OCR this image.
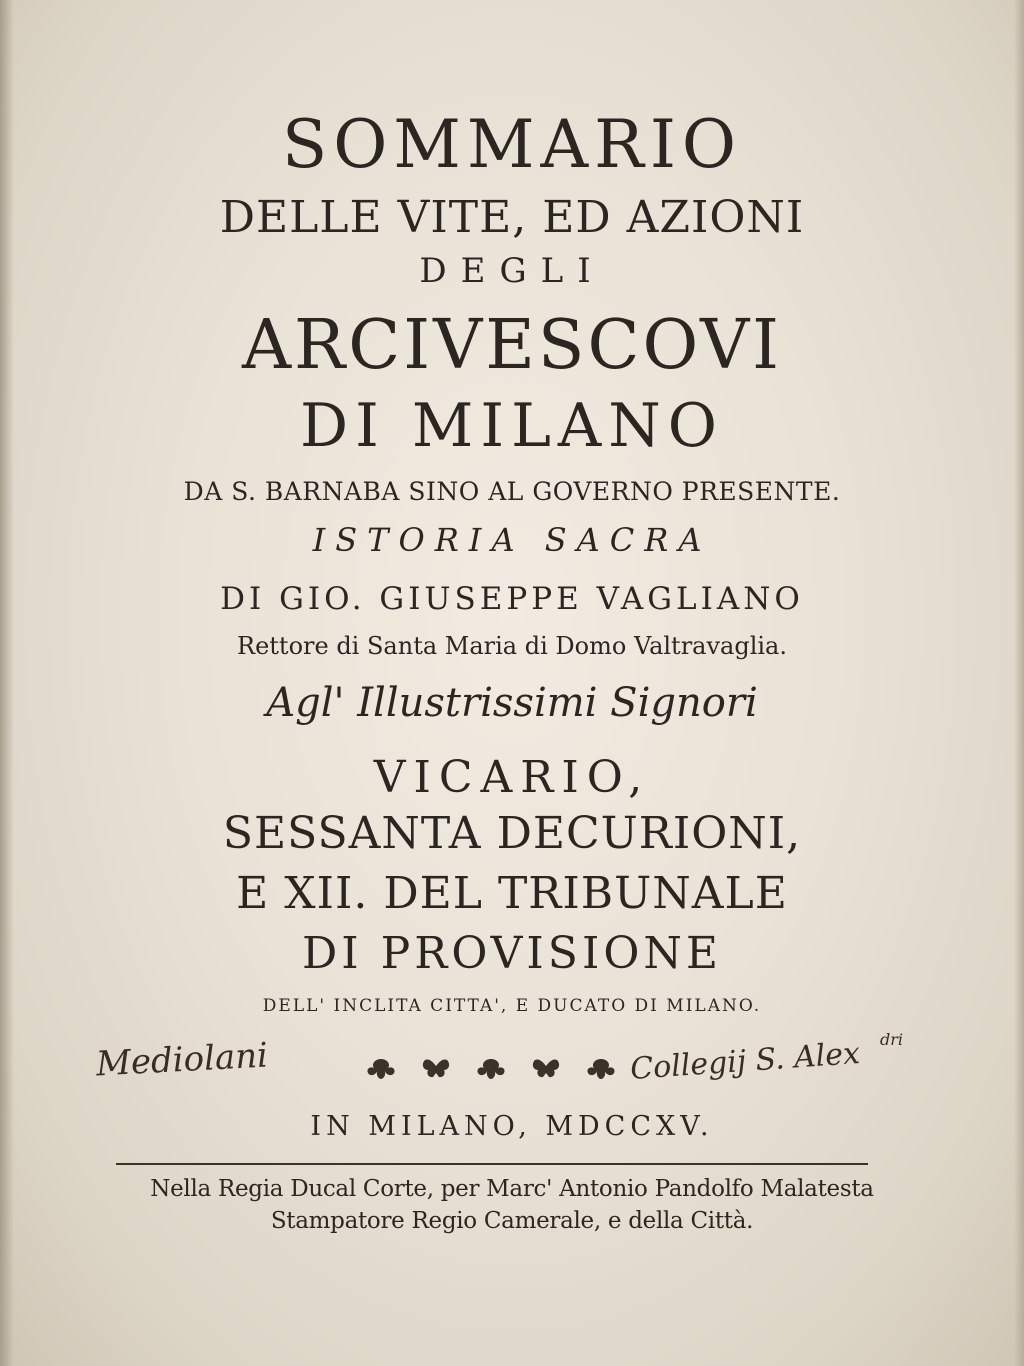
SOMMARIO
DELLE VITE, ED AZIONI
DEGLI
ARCIVESCOVI
DI MILANO
DA S. BARNABA SINO AL GOVERNO PRESENTE.
ISTORIA SACRA
DI GIO. GIUSEPPE VAGLIANO
Rettore di Santa Maria di Domo Valtravaglia.
Agl' Illustrissimi Signori
VICARIO,
SESSANTA DECURIONI,
E XII. DEL TRIBUNALE
DI PROVISIONE
DELL' INCLITA CITTA', E DUCATO DI MILANO.
Mediolani	Collegij S. Alex dri
IN MILANO, MDCCXV.
Nella Regia Ducal Corte, per Marc' Antonio Pandolfo Malatesta
Stampatore Regio Camerale, e della Città.
